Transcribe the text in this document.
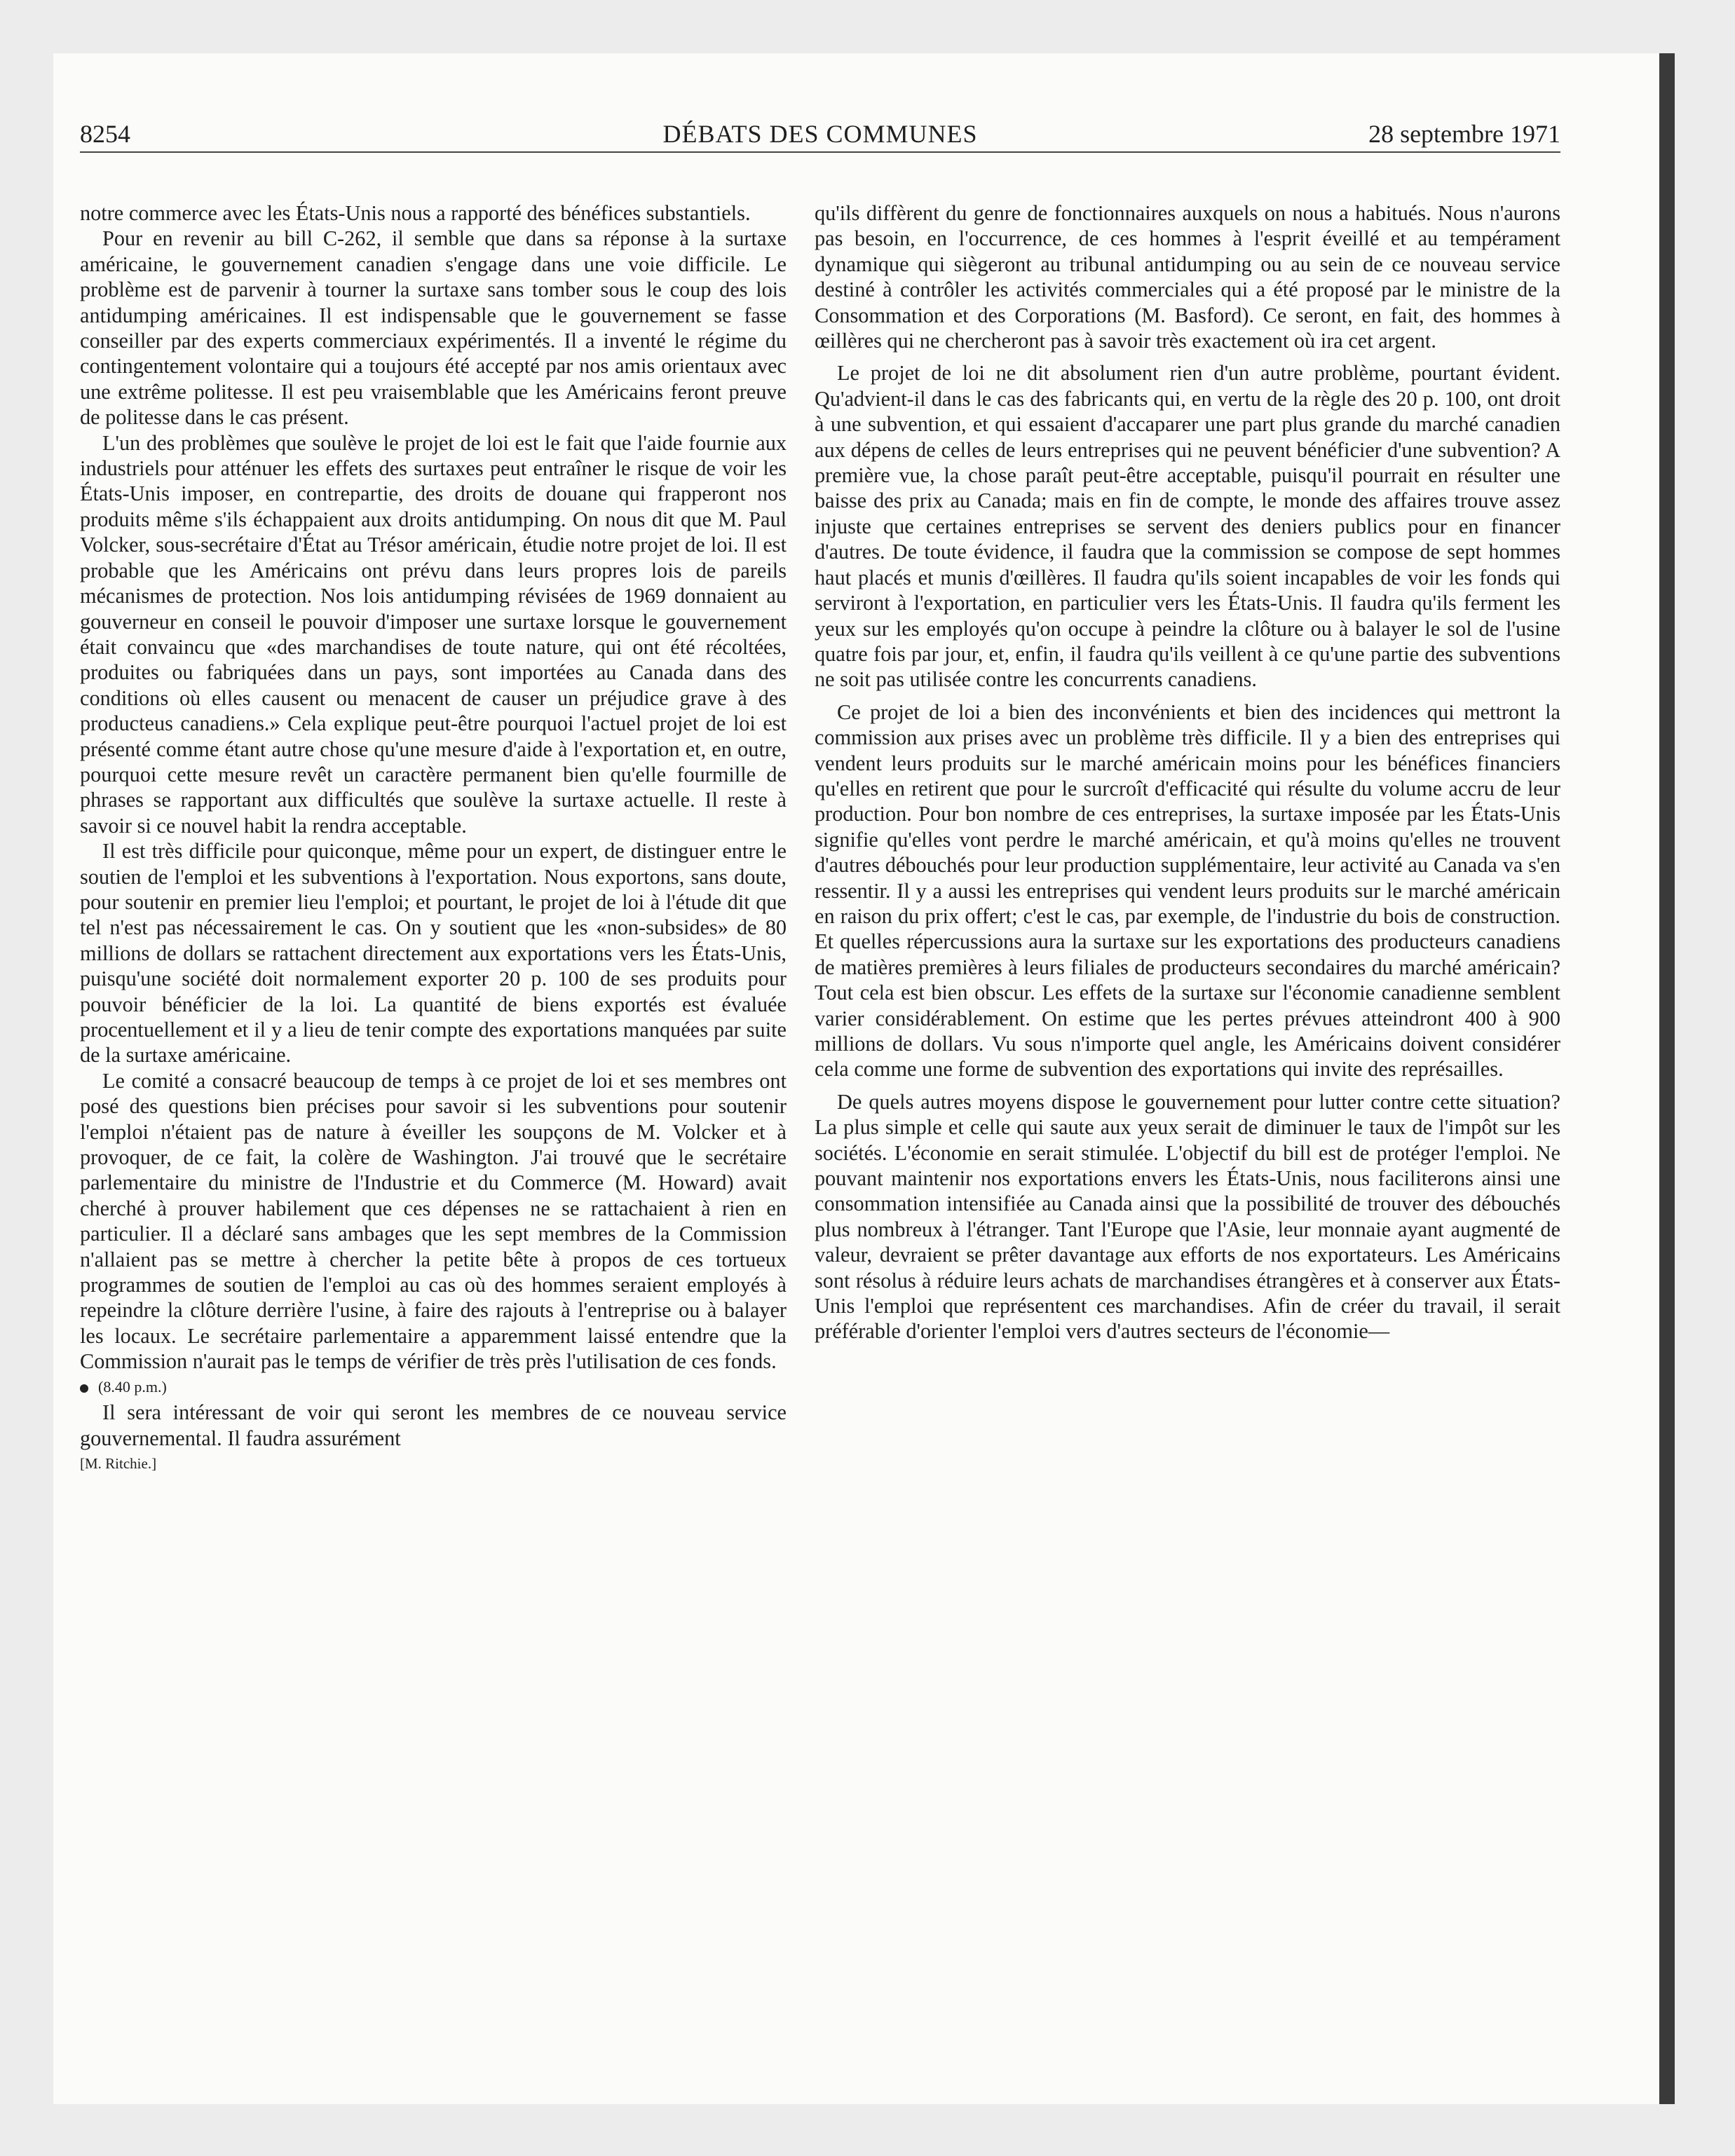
8254	DÉBATS DES COMMUNES	28 septembre 1971

notre commerce avec les États-Unis nous a rapporté des bénéfices substantiels.

Pour en revenir au bill C-262, il semble que dans sa réponse à la surtaxe américaine, le gouvernement canadien s'engage dans une voie difficile. Le problème est de parvenir à tourner la surtaxe sans tomber sous le coup des lois antidumping américaines. Il est indispensable que le gouvernement se fasse conseiller par des experts commerciaux expérimentés. Il a inventé le régime du contingentement volontaire qui a toujours été accepté par nos amis orientaux avec une extrême politesse. Il est peu vraisemblable que les Américains feront preuve de politesse dans le cas présent.

L'un des problèmes que soulève le projet de loi est le fait que l'aide fournie aux industriels pour atténuer les effets des surtaxes peut entraîner le risque de voir les États-Unis imposer, en contrepartie, des droits de douane qui frapperont nos produits même s'ils échappaient aux droits antidumping. On nous dit que M. Paul Volcker, sous-secrétaire d'État au Trésor américain, étudie notre projet de loi. Il est probable que les Américains ont prévu dans leurs propres lois de pareils mécanismes de protection. Nos lois antidumping révisées de 1969 donnaient au gouverneur en conseil le pouvoir d'imposer une surtaxe lorsque le gouvernement était convaincu que «des marchandises de toute nature, qui ont été récoltées, produites ou fabriquées dans un pays, sont importées au Canada dans des conditions où elles causent ou menacent de causer un préjudice grave à des producteus canadiens.» Cela explique peut-être pourquoi l'actuel projet de loi est présenté comme étant autre chose qu'une mesure d'aide à l'exportation et, en outre, pourquoi cette mesure revêt un caractère permanent bien qu'elle fourmille de phrases se rapportant aux difficultés que soulève la surtaxe actuelle. Il reste à savoir si ce nouvel habit la rendra acceptable.

Il est très difficile pour quiconque, même pour un expert, de distinguer entre le soutien de l'emploi et les subventions à l'exportation. Nous exportons, sans doute, pour soutenir en premier lieu l'emploi; et pourtant, le projet de loi à l'étude dit que tel n'est pas nécessairement le cas. On y soutient que les «non-subsides» de 80 millions de dollars se rattachent directement aux exportations vers les États-Unis, puisqu'une société doit normalement exporter 20 p. 100 de ses produits pour pouvoir bénéficier de la loi. La quantité de biens exportés est évaluée procentuellement et il y a lieu de tenir compte des exportations manquées par suite de la surtaxe américaine.

Le comité a consacré beaucoup de temps à ce projet de loi et ses membres ont posé des questions bien précises pour savoir si les subventions pour soutenir l'emploi n'étaient pas de nature à éveiller les soupçons de M. Volcker et à provoquer, de ce fait, la colère de Washington. J'ai trouvé que le secrétaire parlementaire du ministre de l'Industrie et du Commerce (M. Howard) avait cherché à prouver habilement que ces dépenses ne se rattachaient à rien en particulier. Il a déclaré sans ambages que les sept membres de la Commission n'allaient pas se mettre à chercher la petite bête à propos de ces tortueux programmes de soutien de l'emploi au cas où des hommes seraient employés à repeindre la clôture derrière l'usine, à faire des rajouts à l'entreprise ou à balayer les locaux. Le secrétaire parlementaire a apparemment laissé entendre que la Commission n'aurait pas le temps de vérifier de très près l'utilisation de ces fonds.

(8.40 p.m.)

Il sera intéressant de voir qui seront les membres de ce nouveau service gouvernemental. Il faudra assurément

[M. Ritchie.]

qu'ils diffèrent du genre de fonctionnaires auxquels on nous a habitués. Nous n'aurons pas besoin, en l'occurrence, de ces hommes à l'esprit éveillé et au tempérament dynamique qui siègeront au tribunal antidumping ou au sein de ce nouveau service destiné à contrôler les activités commerciales qui a été proposé par le ministre de la Consommation et des Corporations (M. Basford). Ce seront, en fait, des hommes à œillères qui ne chercheront pas à savoir très exactement où ira cet argent.

Le projet de loi ne dit absolument rien d'un autre problème, pourtant évident. Qu'advient-il dans le cas des fabricants qui, en vertu de la règle des 20 p. 100, ont droit à une subvention, et qui essaient d'accaparer une part plus grande du marché canadien aux dépens de celles de leurs entreprises qui ne peuvent bénéficier d'une subvention? A première vue, la chose paraît peut-être acceptable, puisqu'il pourrait en résulter une baisse des prix au Canada; mais en fin de compte, le monde des affaires trouve assez injuste que certaines entreprises se servent des deniers publics pour en financer d'autres. De toute évidence, il faudra que la commission se compose de sept hommes haut placés et munis d'œillères. Il faudra qu'ils soient incapables de voir les fonds qui serviront à l'exportation, en particulier vers les États-Unis. Il faudra qu'ils ferment les yeux sur les employés qu'on occupe à peindre la clôture ou à balayer le sol de l'usine quatre fois par jour, et, enfin, il faudra qu'ils veillent à ce qu'une partie des subventions ne soit pas utilisée contre les concurrents canadiens.

Ce projet de loi a bien des inconvénients et bien des incidences qui mettront la commission aux prises avec un problème très difficile. Il y a bien des entreprises qui vendent leurs produits sur le marché américain moins pour les bénéfices financiers qu'elles en retirent que pour le surcroît d'efficacité qui résulte du volume accru de leur production. Pour bon nombre de ces entreprises, la surtaxe imposée par les États-Unis signifie qu'elles vont perdre le marché américain, et qu'à moins qu'elles ne trouvent d'autres débouchés pour leur production supplémentaire, leur activité au Canada va s'en ressentir. Il y a aussi les entreprises qui vendent leurs produits sur le marché américain en raison du prix offert; c'est le cas, par exemple, de l'industrie du bois de construction. Et quelles répercussions aura la surtaxe sur les exportations des producteurs canadiens de matières premières à leurs filiales de producteurs secondaires du marché américain? Tout cela est bien obscur. Les effets de la surtaxe sur l'économie canadienne semblent varier considérablement. On estime que les pertes prévues atteindront 400 à 900 millions de dollars. Vu sous n'importe quel angle, les Américains doivent considérer cela comme une forme de subvention des exportations qui invite des représailles.

De quels autres moyens dispose le gouvernement pour lutter contre cette situation? La plus simple et celle qui saute aux yeux serait de diminuer le taux de l'impôt sur les sociétés. L'économie en serait stimulée. L'objectif du bill est de protéger l'emploi. Ne pouvant maintenir nos exportations envers les États-Unis, nous faciliterons ainsi une consommation intensifiée au Canada ainsi que la possibilité de trouver des débouchés plus nombreux à l'étranger. Tant l'Europe que l'Asie, leur monnaie ayant augmenté de valeur, devraient se prêter davantage aux efforts de nos exportateurs. Les Américains sont résolus à réduire leurs achats de marchandises étrangères et à conserver aux États-Unis l'emploi que représentent ces marchandises. Afin de créer du travail, il serait préférable d'orienter l'emploi vers d'autres secteurs de l'économie—
